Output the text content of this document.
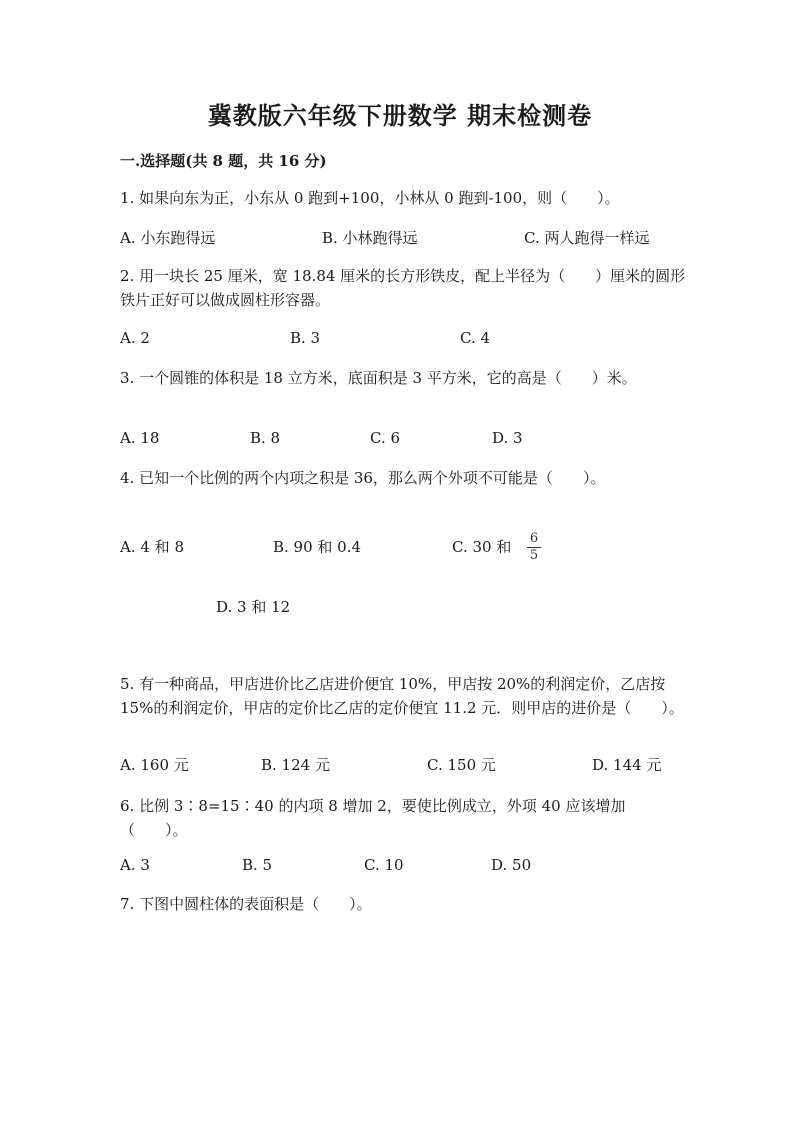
冀教版六年级下册数学 期末检测卷
一.选择题(共 8 题，共 16 分)
1. 如果向东为正，小东从 0 跑到+100，小林从 0 跑到-100，则（　　）。
A. 小东跑得远	B. 小林跑得远	C. 两人跑得一样远
2. 用一块长 25 厘米，宽 18.84 厘米的长方形铁皮，配上半径为（　　）厘米的圆形铁片正好可以做成圆柱形容器。
A. 2	B. 3	C. 4
3. 一个圆锥的体积是 18 立方米，底面积是 3 平方米，它的高是（　　）米。
A. 18	B. 8	C. 6	D. 3
4. 已知一个比例的两个内项之积是 36，那么两个外项不可能是（　　）。
A. 4 和 8	B. 90 和 0.4	C. 30 和 6
5
D. 3 和 12
5. 有一种商品，甲店进价比乙店进价便宜 10%，甲店按 20%的利润定价，乙店按 15%的利润定价，甲店的定价比乙店的定价便宜 11.2 元．则甲店的进价是（　　）。
A. 160 元	B. 124 元	C. 150 元	D. 144 元
6. 比例 3∶8=15∶40 的内项 8 增加 2，要使比例成立，外项 40 应该增加（　　）。
A. 3	B. 5	C. 10	D. 50
7. 下图中圆柱体的表面积是（　　）。
